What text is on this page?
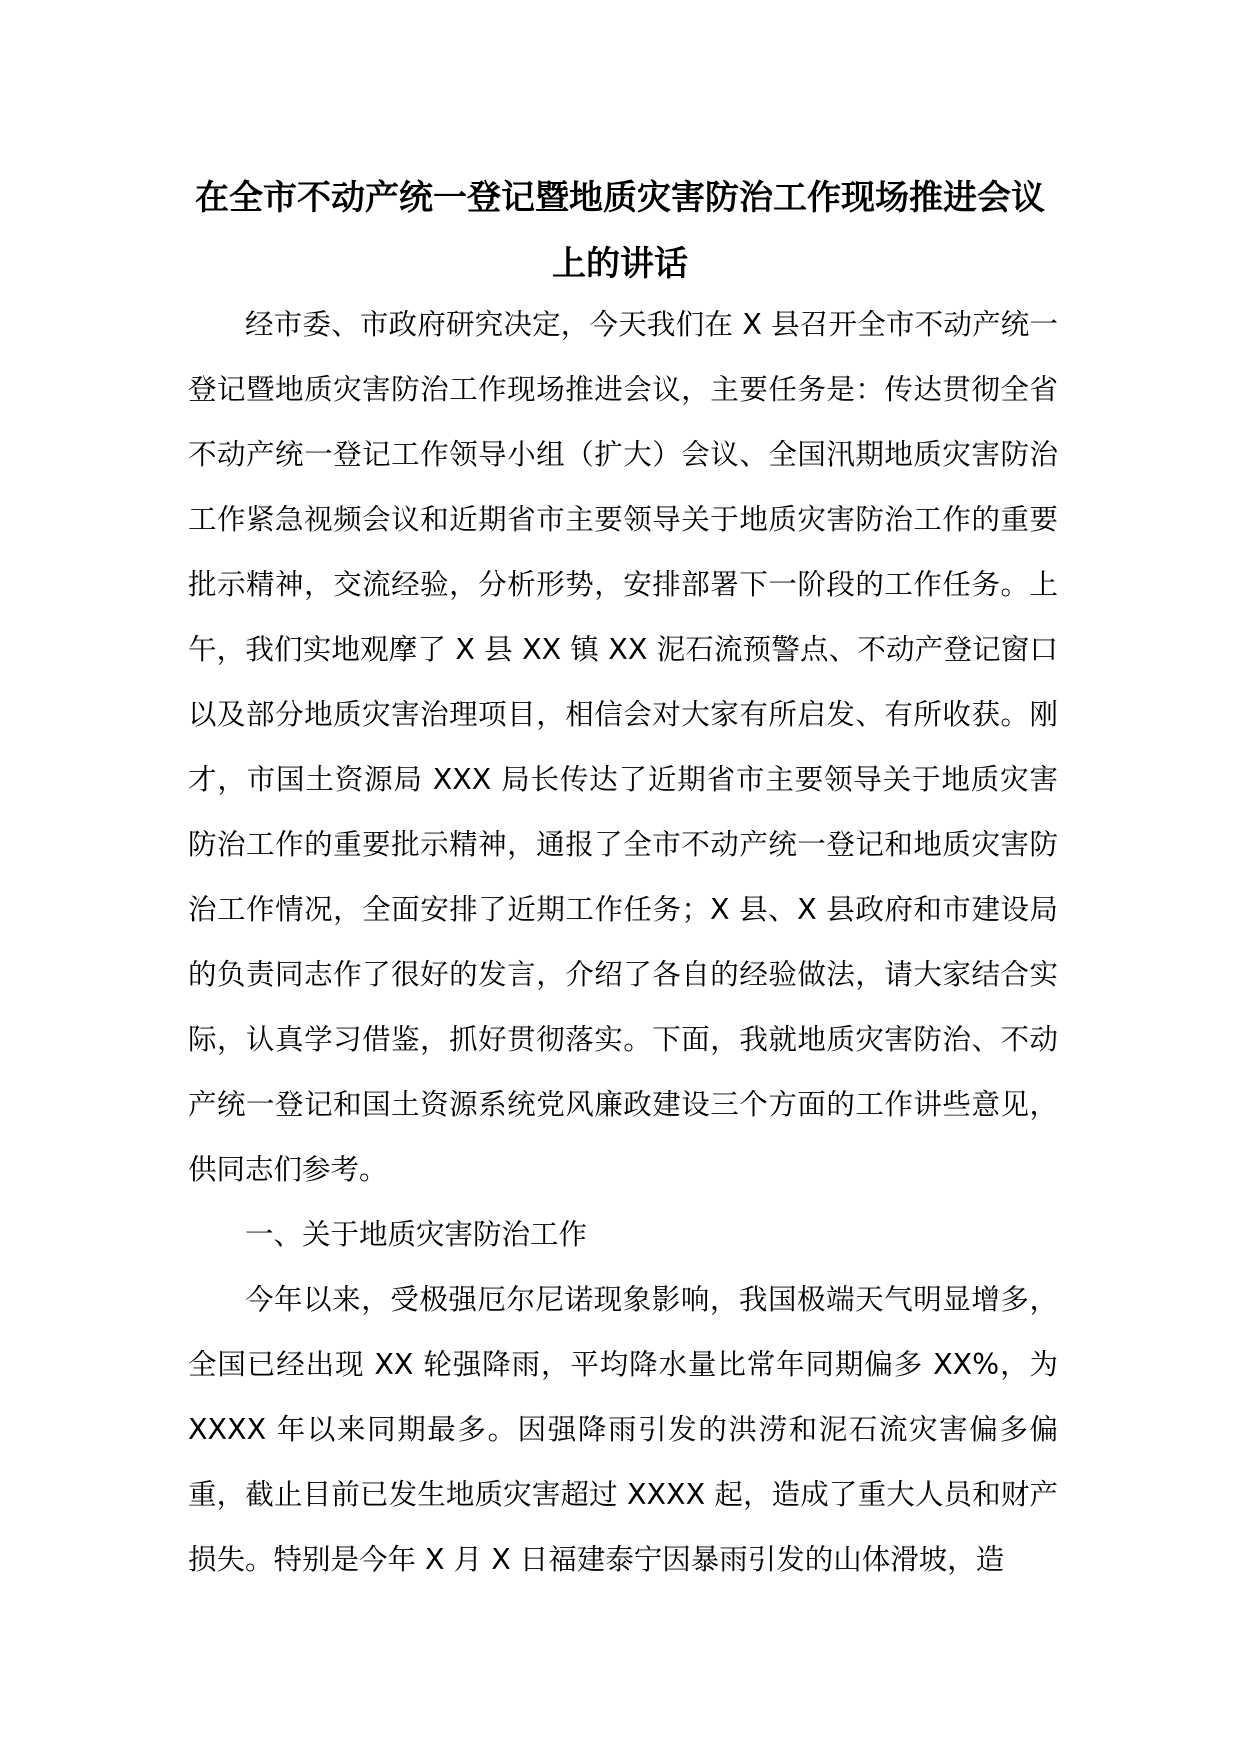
在全市不动产统一登记暨地质灾害防治工作现场推进会议
上的讲话

经市委、市政府研究决定，今天我们在 X 县召开全市不动产统一登记暨地质灾害防治工作现场推进会议，主要任务是：传达贯彻全省不动产统一登记工作领导小组（扩大）会议、全国汛期地质灾害防治工作紧急视频会议和近期省市主要领导关于地质灾害防治工作的重要批示精神，交流经验，分析形势，安排部署下一阶段的工作任务。上午，我们实地观摩了 X 县 XX 镇 XX 泥石流预警点、不动产登记窗口以及部分地质灾害治理项目，相信会对大家有所启发、有所收获。刚才，市国土资源局 XXX 局长传达了近期省市主要领导关于地质灾害防治工作的重要批示精神，通报了全市不动产统一登记和地质灾害防治工作情况，全面安排了近期工作任务；X 县、X 县政府和市建设局的负责同志作了很好的发言，介绍了各自的经验做法，请大家结合实际，认真学习借鉴，抓好贯彻落实。下面，我就地质灾害防治、不动产统一登记和国土资源系统党风廉政建设三个方面的工作讲些意见，供同志们参考。

一、关于地质灾害防治工作

今年以来，受极强厄尔尼诺现象影响，我国极端天气明显增多，全国已经出现 XX 轮强降雨，平均降水量比常年同期偏多 XX%，为 XXXX 年以来同期最多。因强降雨引发的洪涝和泥石流灾害偏多偏重，截止目前已发生地质灾害超过 XXXX 起，造成了重大人员和财产损失。特别是今年 X 月 X 日福建泰宁因暴雨引发的山体滑坡，造
